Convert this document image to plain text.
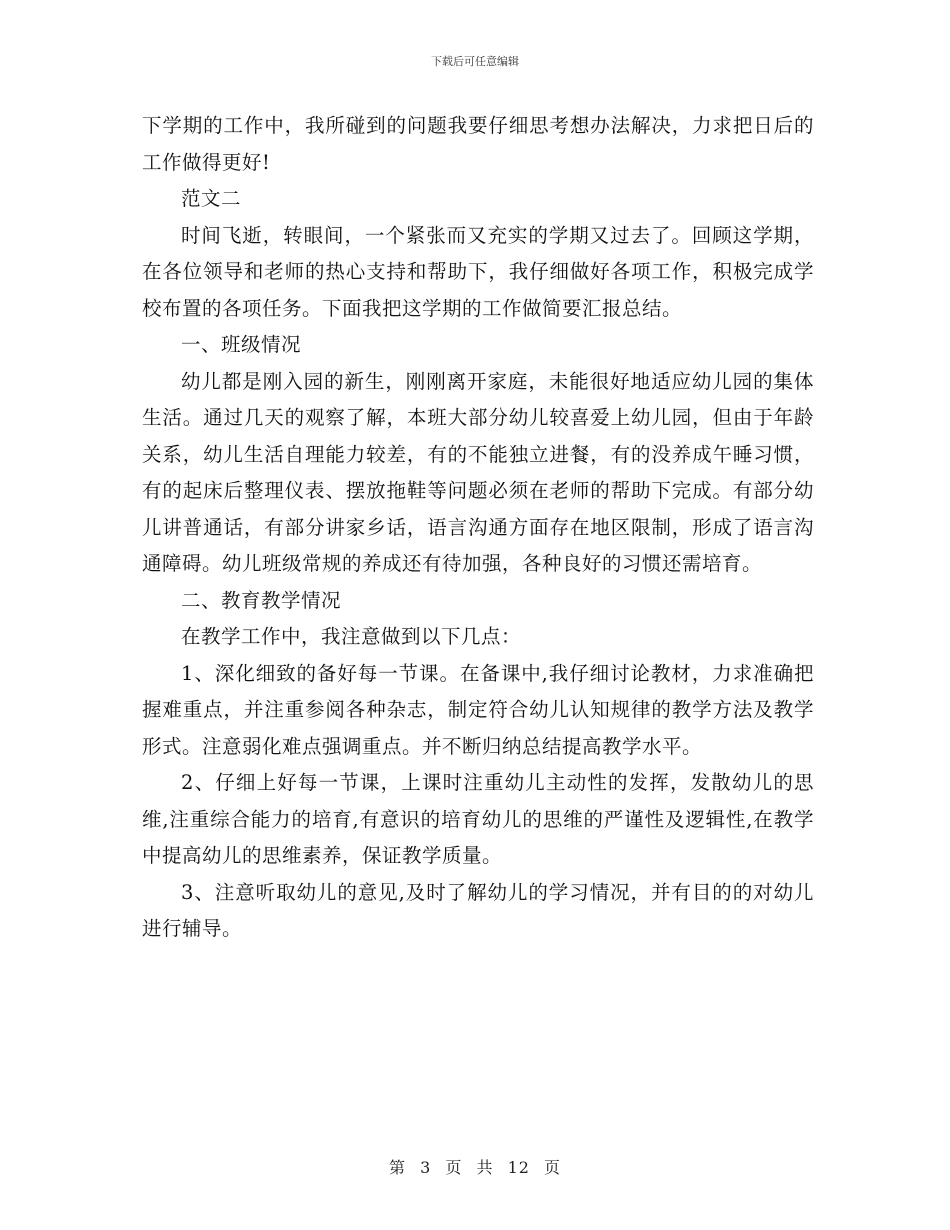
下载后可任意编辑

下学期的工作中，我所碰到的问题我要仔细思考想办法解决，力求把日后的工作做得更好!

范文二

时间飞逝，转眼间，一个紧张而又充实的学期又过去了。回顾这学期，在各位领导和老师的热心支持和帮助下，我仔细做好各项工作，积极完成学校布置的各项任务。下面我把这学期的工作做简要汇报总结。

一、班级情况

幼儿都是刚入园的新生，刚刚离开家庭，未能很好地适应幼儿园的集体生活。通过几天的观察了解，本班大部分幼儿较喜爱上幼儿园，但由于年龄关系，幼儿生活自理能力较差，有的不能独立进餐，有的没养成午睡习惯，有的起床后整理仪表、摆放拖鞋等问题必须在老师的帮助下完成。有部分幼儿讲普通话，有部分讲家乡话，语言沟通方面存在地区限制，形成了语言沟通障碍。幼儿班级常规的养成还有待加强，各种良好的习惯还需培育。

二、教育教学情况

在教学工作中，我注意做到以下几点：

1、深化细致的备好每一节课。在备课中,我仔细讨论教材，力求准确把握难重点，并注重参阅各种杂志，制定符合幼儿认知规律的教学方法及教学形式。注意弱化难点强调重点。并不断归纳总结提高教学水平。

2、仔细上好每一节课，上课时注重幼儿主动性的发挥，发散幼儿的思维,注重综合能力的培育,有意识的培育幼儿的思维的严谨性及逻辑性,在教学中提高幼儿的思维素养，保证教学质量。

3、注意听取幼儿的意见,及时了解幼儿的学习情况，并有目的的对幼儿进行辅导。

第 3 页 共 12 页
